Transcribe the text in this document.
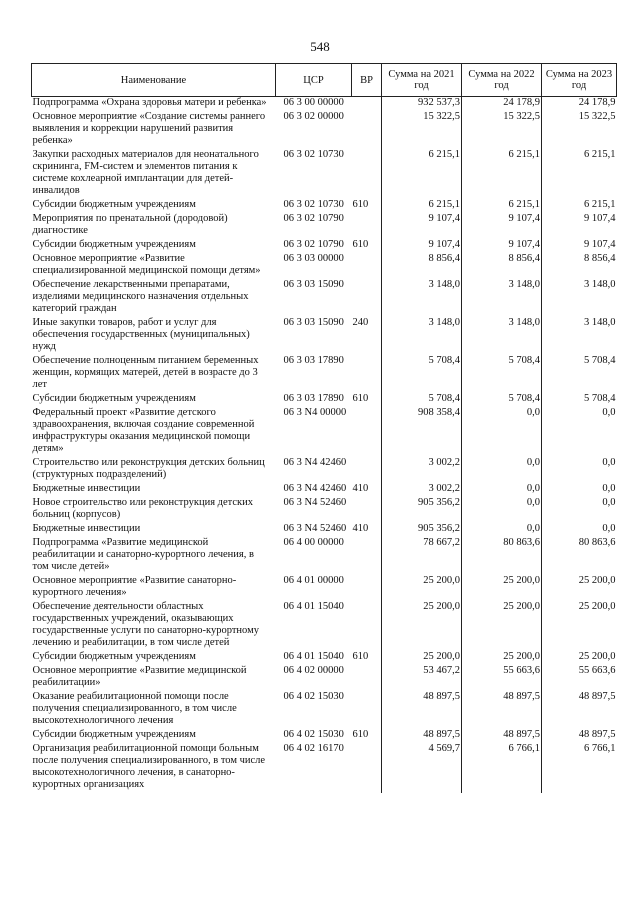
548
Наименование	ЦСР	ВР	Сумма на 2021 год	Сумма на 2022 год	Сумма на 2023 год
Подпрограмма «Охрана здоровья матери и ребенка»	06 3 00 00000		932 537,3	24 178,9	24 178,9
Основное мероприятие «Создание системы раннего выявления и коррекции нарушений развития ребенка»	06 3 02 00000		15 322,5	15 322,5	15 322,5
Закупки расходных материалов для неонатального скрининга, FM-систем и элементов питания к системе кохлеарной имплантации для детей-инвалидов	06 3 02 10730		6 215,1	6 215,1	6 215,1
Субсидии бюджетным учреждениям	06 3 02 10730	610	6 215,1	6 215,1	6 215,1
Мероприятия по пренатальной (дородовой) диагностике	06 3 02 10790		9 107,4	9 107,4	9 107,4
Субсидии бюджетным учреждениям	06 3 02 10790	610	9 107,4	9 107,4	9 107,4
Основное мероприятие «Развитие специализированной медицинской помощи детям»	06 3 03 00000		8 856,4	8 856,4	8 856,4
Обеспечение лекарственными препаратами, изделиями медицинского назначения отдельных категорий граждан	06 3 03 15090		3 148,0	3 148,0	3 148,0
Иные закупки товаров, работ и услуг для обеспечения государственных (муниципальных) нужд	06 3 03 15090	240	3 148,0	3 148,0	3 148,0
Обеспечение полноценным питанием беременных женщин, кормящих матерей, детей в возрасте до 3 лет	06 3 03 17890		5 708,4	5 708,4	5 708,4
Субсидии бюджетным учреждениям	06 3 03 17890	610	5 708,4	5 708,4	5 708,4
Федеральный проект «Развитие детского здравоохранения, включая создание современной инфраструктуры оказания медицинской помощи детям»	06 3 N4 00000		908 358,4	0,0	0,0
Строительство или реконструкция детских больниц (структурных подразделений)	06 3 N4 42460		3 002,2	0,0	0,0
Бюджетные инвестиции	06 3 N4 42460	410	3 002,2	0,0	0,0
Новое строительство или реконструкция детских больниц (корпусов)	06 3 N4 52460		905 356,2	0,0	0,0
Бюджетные инвестиции	06 3 N4 52460	410	905 356,2	0,0	0,0
Подпрограмма «Развитие медицинской реабилитации и санаторно-курортного лечения, в том числе детей»	06 4 00 00000		78 667,2	80 863,6	80 863,6
Основное мероприятие «Развитие санаторно-курортного лечения»	06 4 01 00000		25 200,0	25 200,0	25 200,0
Обеспечение деятельности областных государственных учреждений, оказывающих государственные услуги по санаторно-курортному лечению и реабилитации, в том числе детей	06 4 01 15040		25 200,0	25 200,0	25 200,0
Субсидии бюджетным учреждениям	06 4 01 15040	610	25 200,0	25 200,0	25 200,0
Основное мероприятие «Развитие медицинской реабилитации»	06 4 02 00000		53 467,2	55 663,6	55 663,6
Оказание реабилитационной помощи после получения специализированного, в том числе высокотехнологичного лечения	06 4 02 15030		48 897,5	48 897,5	48 897,5
Субсидии бюджетным учреждениям	06 4 02 15030	610	48 897,5	48 897,5	48 897,5
Организация реабилитационной помощи больным после получения специализированного, в том числе высокотехнологичного лечения, в санаторно-курортных организациях	06 4 02 16170		4 569,7	6 766,1	6 766,1
